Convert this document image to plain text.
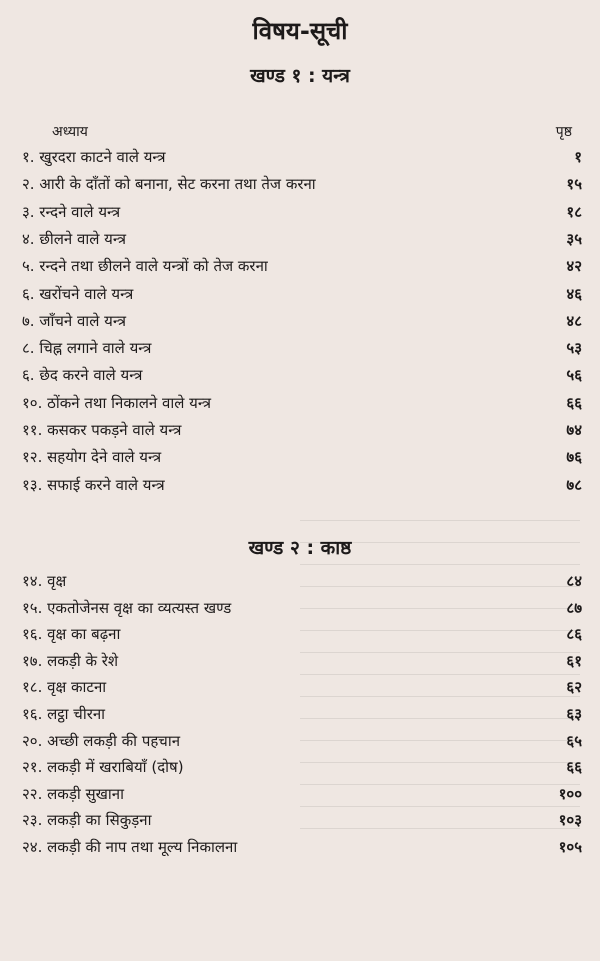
विषय-सूची
खण्ड १ : यन्त्र
अध्याय	पृष्ठ
१. खुरदरा काटने वाले यन्त्र	१
२. आरी के दाँतों को बनाना, सेट करना तथा तेज करना	१५
३. रन्दने वाले यन्त्र	१८
४. छीलने वाले यन्त्र	३५
५. रन्दने तथा छीलने वाले यन्त्रों को तेज करना	४२
६. खरोंचने वाले यन्त्र	४६
७. जाँचने वाले यन्त्र	४८
८. चिह्न लगाने वाले यन्त्र	५३
६. छेद करने वाले यन्त्र	५६
१०. ठोंकने तथा निकालने वाले यन्त्र	६६
११. कसकर पकड़ने वाले यन्त्र	७४
१२. सहयोग देने वाले यन्त्र	७६
१३. सफाई करने वाले यन्त्र	७८
खण्ड २ : काष्ठ
१४. वृक्ष	८४
१५. एकतोजेनस वृक्ष का व्यत्यस्त खण्ड	८७
१६. वृक्ष का बढ़ना	८६
१७. लकड़ी के रेशे	६१
१८. वृक्ष काटना	६२
१६. लट्ठा चीरना	६३
२०. अच्छी लकड़ी की पहचान	६५
२१. लकड़ी में खराबियाँ (दोष)	६६
२२. लकड़ी सुखाना	१००
२३. लकड़ी का सिकुड़ना	१०३
२४. लकड़ी की नाप तथा मूल्य निकालना	१०५
